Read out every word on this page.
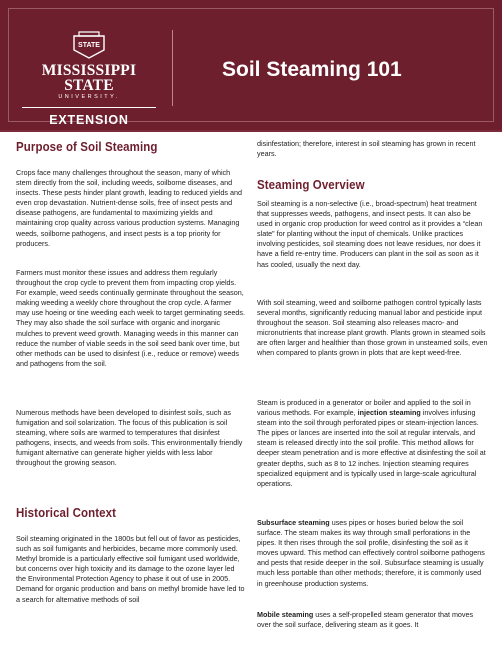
STATE
MISSISSIPPI STATE
UNIVERSITY.
EXTENSION
Soil Steaming 101
Purpose of Soil Steaming

Crops face many challenges throughout the season, many of which stem directly from the soil, including weeds, soilborne diseases, and insects. These pests hinder plant growth, leading to reduced yields and even crop devastation. Nutrient-dense soils, free of insect pests and disease pathogens, are fundamental to maximizing yields and maintaining crop quality across various production systems. Managing weeds, soilborne pathogens, and insect pests is a top priority for producers.

Farmers must monitor these issues and address them regularly throughout the crop cycle to prevent them from impacting crop yields. For example, weed seeds continually germinate throughout the season, making weeding a weekly chore throughout the crop cycle. A farmer may use hoeing or tine weeding each week to target germinating seeds. They may also shade the soil surface with organic and inorganic mulches to prevent weed growth. Managing weeds in this manner can reduce the number of viable seeds in the soil seed bank over time, but other methods can be used to disinfest (i.e., reduce or remove) weeds and pathogens from the soil.

Numerous methods have been developed to disinfest soils, such as fumigation and soil solarization. The focus of this publication is soil steaming, where soils are warmed to temperatures that disinfest pathogens, insects, and weeds from soils. This environmentally friendly fumigant alternative can generate higher yields with less labor throughout the growing season.

Historical Context

Soil steaming originated in the 1800s but fell out of favor as pesticides, such as soil fumigants and herbicides, became more commonly used. Methyl bromide is a particularly effective soil fumigant used worldwide, but concerns over high toxicity and its damage to the ozone layer led the Environmental Protection Agency to phase it out of use in 2005. Demand for organic production and bans on methyl bromide have led to a search for alternative methods of soil

disinfestation; therefore, interest in soil steaming has grown in recent years.

Steaming Overview

Soil steaming is a non-selective (i.e., broad-spectrum) heat treatment that suppresses weeds, pathogens, and insect pests. It can also be used in organic crop production for weed control as it provides a “clean slate” for planting without the input of chemicals. Unlike practices involving pesticides, soil steaming does not leave residues, nor does it have a field re-entry time. Producers can plant in the soil as soon as it has cooled, usually the next day.

With soil steaming, weed and soilborne pathogen control typically lasts several months, significantly reducing manual labor and pesticide input throughout the season. Soil steaming also releases macro- and micronutrients that increase plant growth. Plants grown in steamed soils are often larger and healthier than those grown in unsteamed soils, even when compared to plants grown in plots that are kept weed-free.

Steam is produced in a generator or boiler and applied to the soil in various methods. For example, injection steaming involves infusing steam into the soil through perforated pipes or steam-injection lances. The pipes or lances are inserted into the soil at regular intervals, and steam is released directly into the soil profile. This method allows for deeper steam penetration and is more effective at disinfesting the soil at greater depths, such as 8 to 12 inches. Injection steaming requires specialized equipment and is typically used in large-scale agricultural operations.

Subsurface steaming uses pipes or hoses buried below the soil surface. The steam makes its way through small perforations in the pipes. It then rises through the soil profile, disinfesting the soil as it moves upward. This method can effectively control soilborne pathogens and pests that reside deeper in the soil. Subsurface steaming is usually much less portable than other methods; therefore, it is commonly used in greenhouse production systems.

Mobile steaming uses a self-propelled steam generator that moves over the soil surface, delivering steam as it goes. It
